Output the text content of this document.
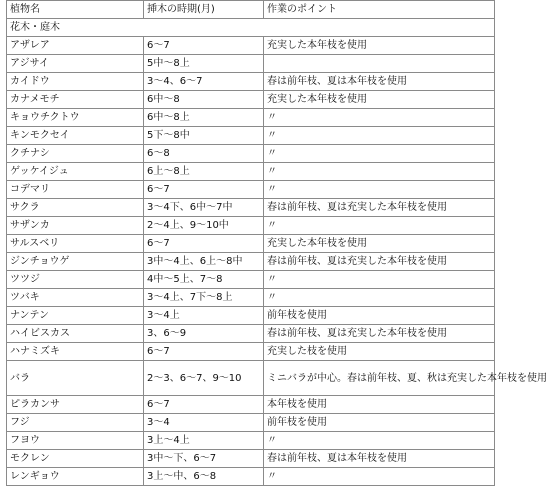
植物名	挿木の時期(月)	作業のポイント
花木・庭木		
アザレア	6〜7	充実した本年枝を使用
アジサイ	5中〜8上	
カイドウ	3〜4、6〜7	春は前年枝、夏は本年枝を使用
カナメモチ	6中〜8	充実した本年枝を使用
キョウチクトウ	6中〜8上	〃
キンモクセイ	5下〜8中	〃
クチナシ	6〜8	〃
ゲッケイジュ	6上〜8上	〃
コデマリ	6〜7	〃
サクラ	3〜4下、6中〜7中	春は前年枝、夏は充実した本年枝を使用
サザンカ	2〜4上、9〜10中	〃
サルスベリ	6〜7	充実した本年枝を使用
ジンチョウゲ	3中〜4上、6上〜8中	春は前年枝、夏は充実した本年枝を使用
ツツジ	4中〜5上、7〜8	〃
ツバキ	3〜4上、7下〜8上	〃
ナンテン	3〜4上	前年枝を使用
ハイビスカス	3、6〜9	春は前年枝、夏は充実した本年枝を使用
ハナミズキ	6〜7	充実した枝を使用
バラ	2〜3、6〜7、9〜10	ミニバラが中心。春は前年枝、夏、秋は充実した本年枝を使用
ピラカンサ	6〜7	本年枝を使用
フジ	3〜4	前年枝を使用
フヨウ	3上〜4上	〃
モクレン	3中〜下、6〜7	春は前年枝、夏は本年枝を使用
レンギョウ	3上〜中、6〜8	〃
